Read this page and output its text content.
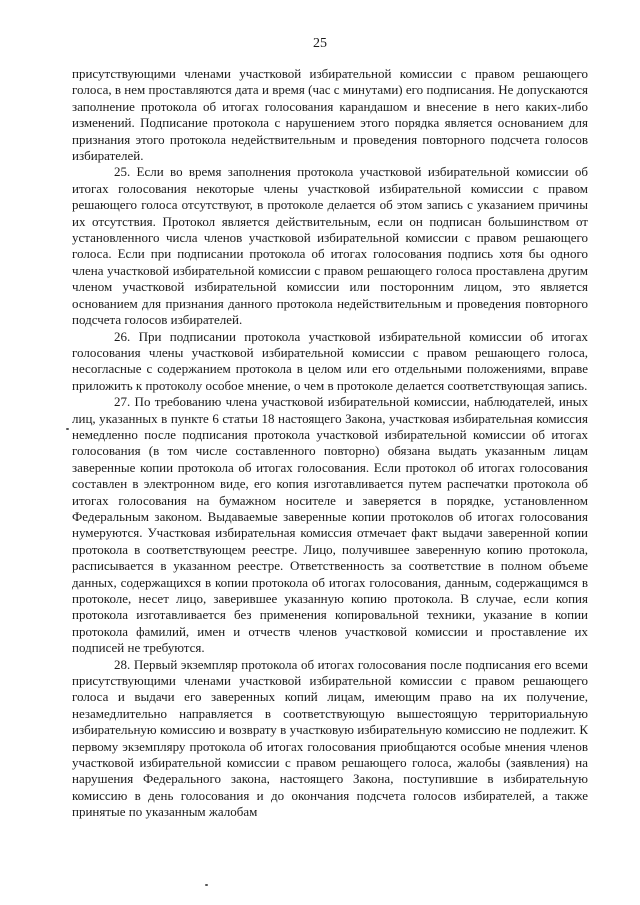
25

присутствующими членами участковой избирательной комиссии с правом решающего голоса, в нем проставляются дата и время (час с минутами) его подписания. Не допускаются заполнение протокола об итогах голосования карандашом и внесение в него каких-либо изменений. Подписание протокола с нарушением этого порядка является основанием для признания этого протокола недействительным и проведения повторного подсчета голосов избирателей.

25. Если во время заполнения протокола участковой избирательной комиссии об итогах голосования некоторые члены участковой избирательной комиссии с правом решающего голоса отсутствуют, в протоколе делается об этом запись с указанием причины их отсутствия. Протокол является действительным, если он подписан большинством от установленного числа членов участковой избирательной комиссии с правом решающего голоса. Если при подписании протокола об итогах голосования подпись хотя бы одного члена участковой избирательной комиссии с правом решающего голоса проставлена другим членом участковой избирательной комиссии или посторонним лицом, это является основанием для признания данного протокола недействительным и проведения повторного подсчета голосов избирателей.

26. При подписании протокола участковой избирательной комиссии об итогах голосования члены участковой избирательной комиссии с правом решающего голоса, несогласные с содержанием протокола в целом или его отдельными положениями, вправе приложить к протоколу особое мнение, о чем в протоколе делается соответствующая запись.

27. По требованию члена участковой избирательной комиссии, наблюдателей, иных лиц, указанных в пункте 6 статьи 18 настоящего Закона, участковая избирательная комиссия немедленно после подписания протокола участковой избирательной комиссии об итогах голосования (в том числе составленного повторно) обязана выдать указанным лицам заверенные копии протокола об итогах голосования. Если протокол об итогах голосования составлен в электронном виде, его копия изготавливается путем распечатки протокола об итогах голосования на бумажном носителе и заверяется в порядке, установленном Федеральным законом. Выдаваемые заверенные копии протоколов об итогах голосования нумеруются. Участковая избирательная комиссия отмечает факт выдачи заверенной копии протокола в соответствующем реестре. Лицо, получившее заверенную копию протокола, расписывается в указанном реестре. Ответственность за соответствие в полном объеме данных, содержащихся в копии протокола об итогах голосования, данным, содержащимся в протоколе, несет лицо, заверившее указанную копию протокола. В случае, если копия протокола изготавливается без применения копировальной техники, указание в копии протокола фамилий, имен и отчеств членов участковой комиссии и проставление их подписей не требуются.

28. Первый экземпляр протокола об итогах голосования после подписания его всеми присутствующими членами участковой избирательной комиссии с правом решающего голоса и выдачи его заверенных копий лицам, имеющим право на их получение, незамедлительно направляется в соответствующую вышестоящую территориальную избирательную комиссию и возврату в участковую избирательную комиссию не подлежит. К первому экземпляру протокола об итогах голосования приобщаются особые мнения членов участковой избирательной комиссии с правом решающего голоса, жалобы (заявления) на нарушения Федерального закона, настоящего Закона, поступившие в избирательную комиссию в день голосования и до окончания подсчета голосов избирателей, а также принятые по указанным жалобам
